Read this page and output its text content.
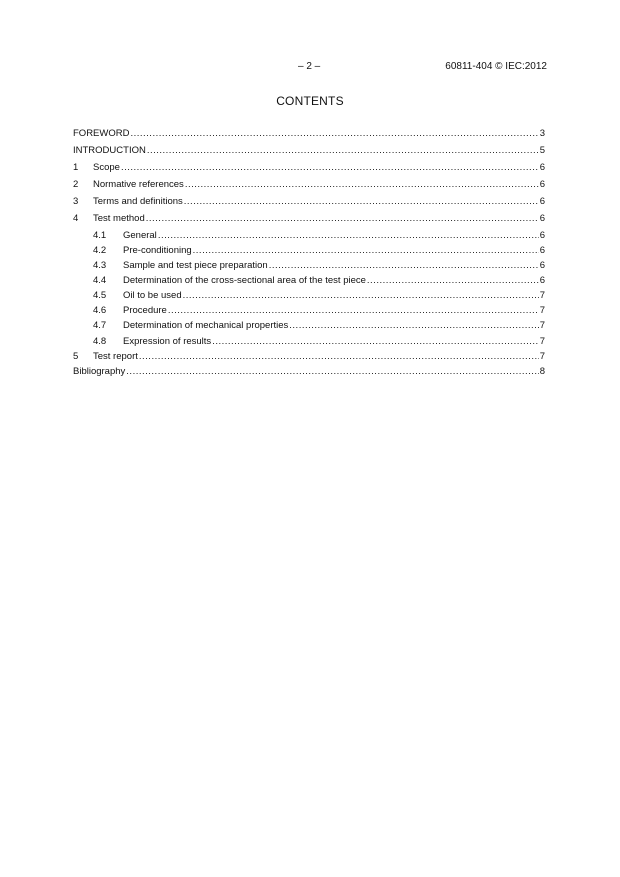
– 2 –	60811-404 © IEC:2012
CONTENTS
FOREWORD .....	3
INTRODUCTION .....	5
1	Scope .....	6
2	Normative references .....	6
3	Terms and definitions .....	6
4	Test method .....	6
4.1	General .....	6
4.2	Pre-conditioning .....	6
4.3	Sample and test piece preparation .....	6
4.4	Determination of the cross-sectional area of the test piece .....	6
4.5	Oil to be used .....	7
4.6	Procedure .....	7
4.7	Determination of mechanical properties .....	7
4.8	Expression of results .....	7
5	Test report .....	7
Bibliography .....	8
